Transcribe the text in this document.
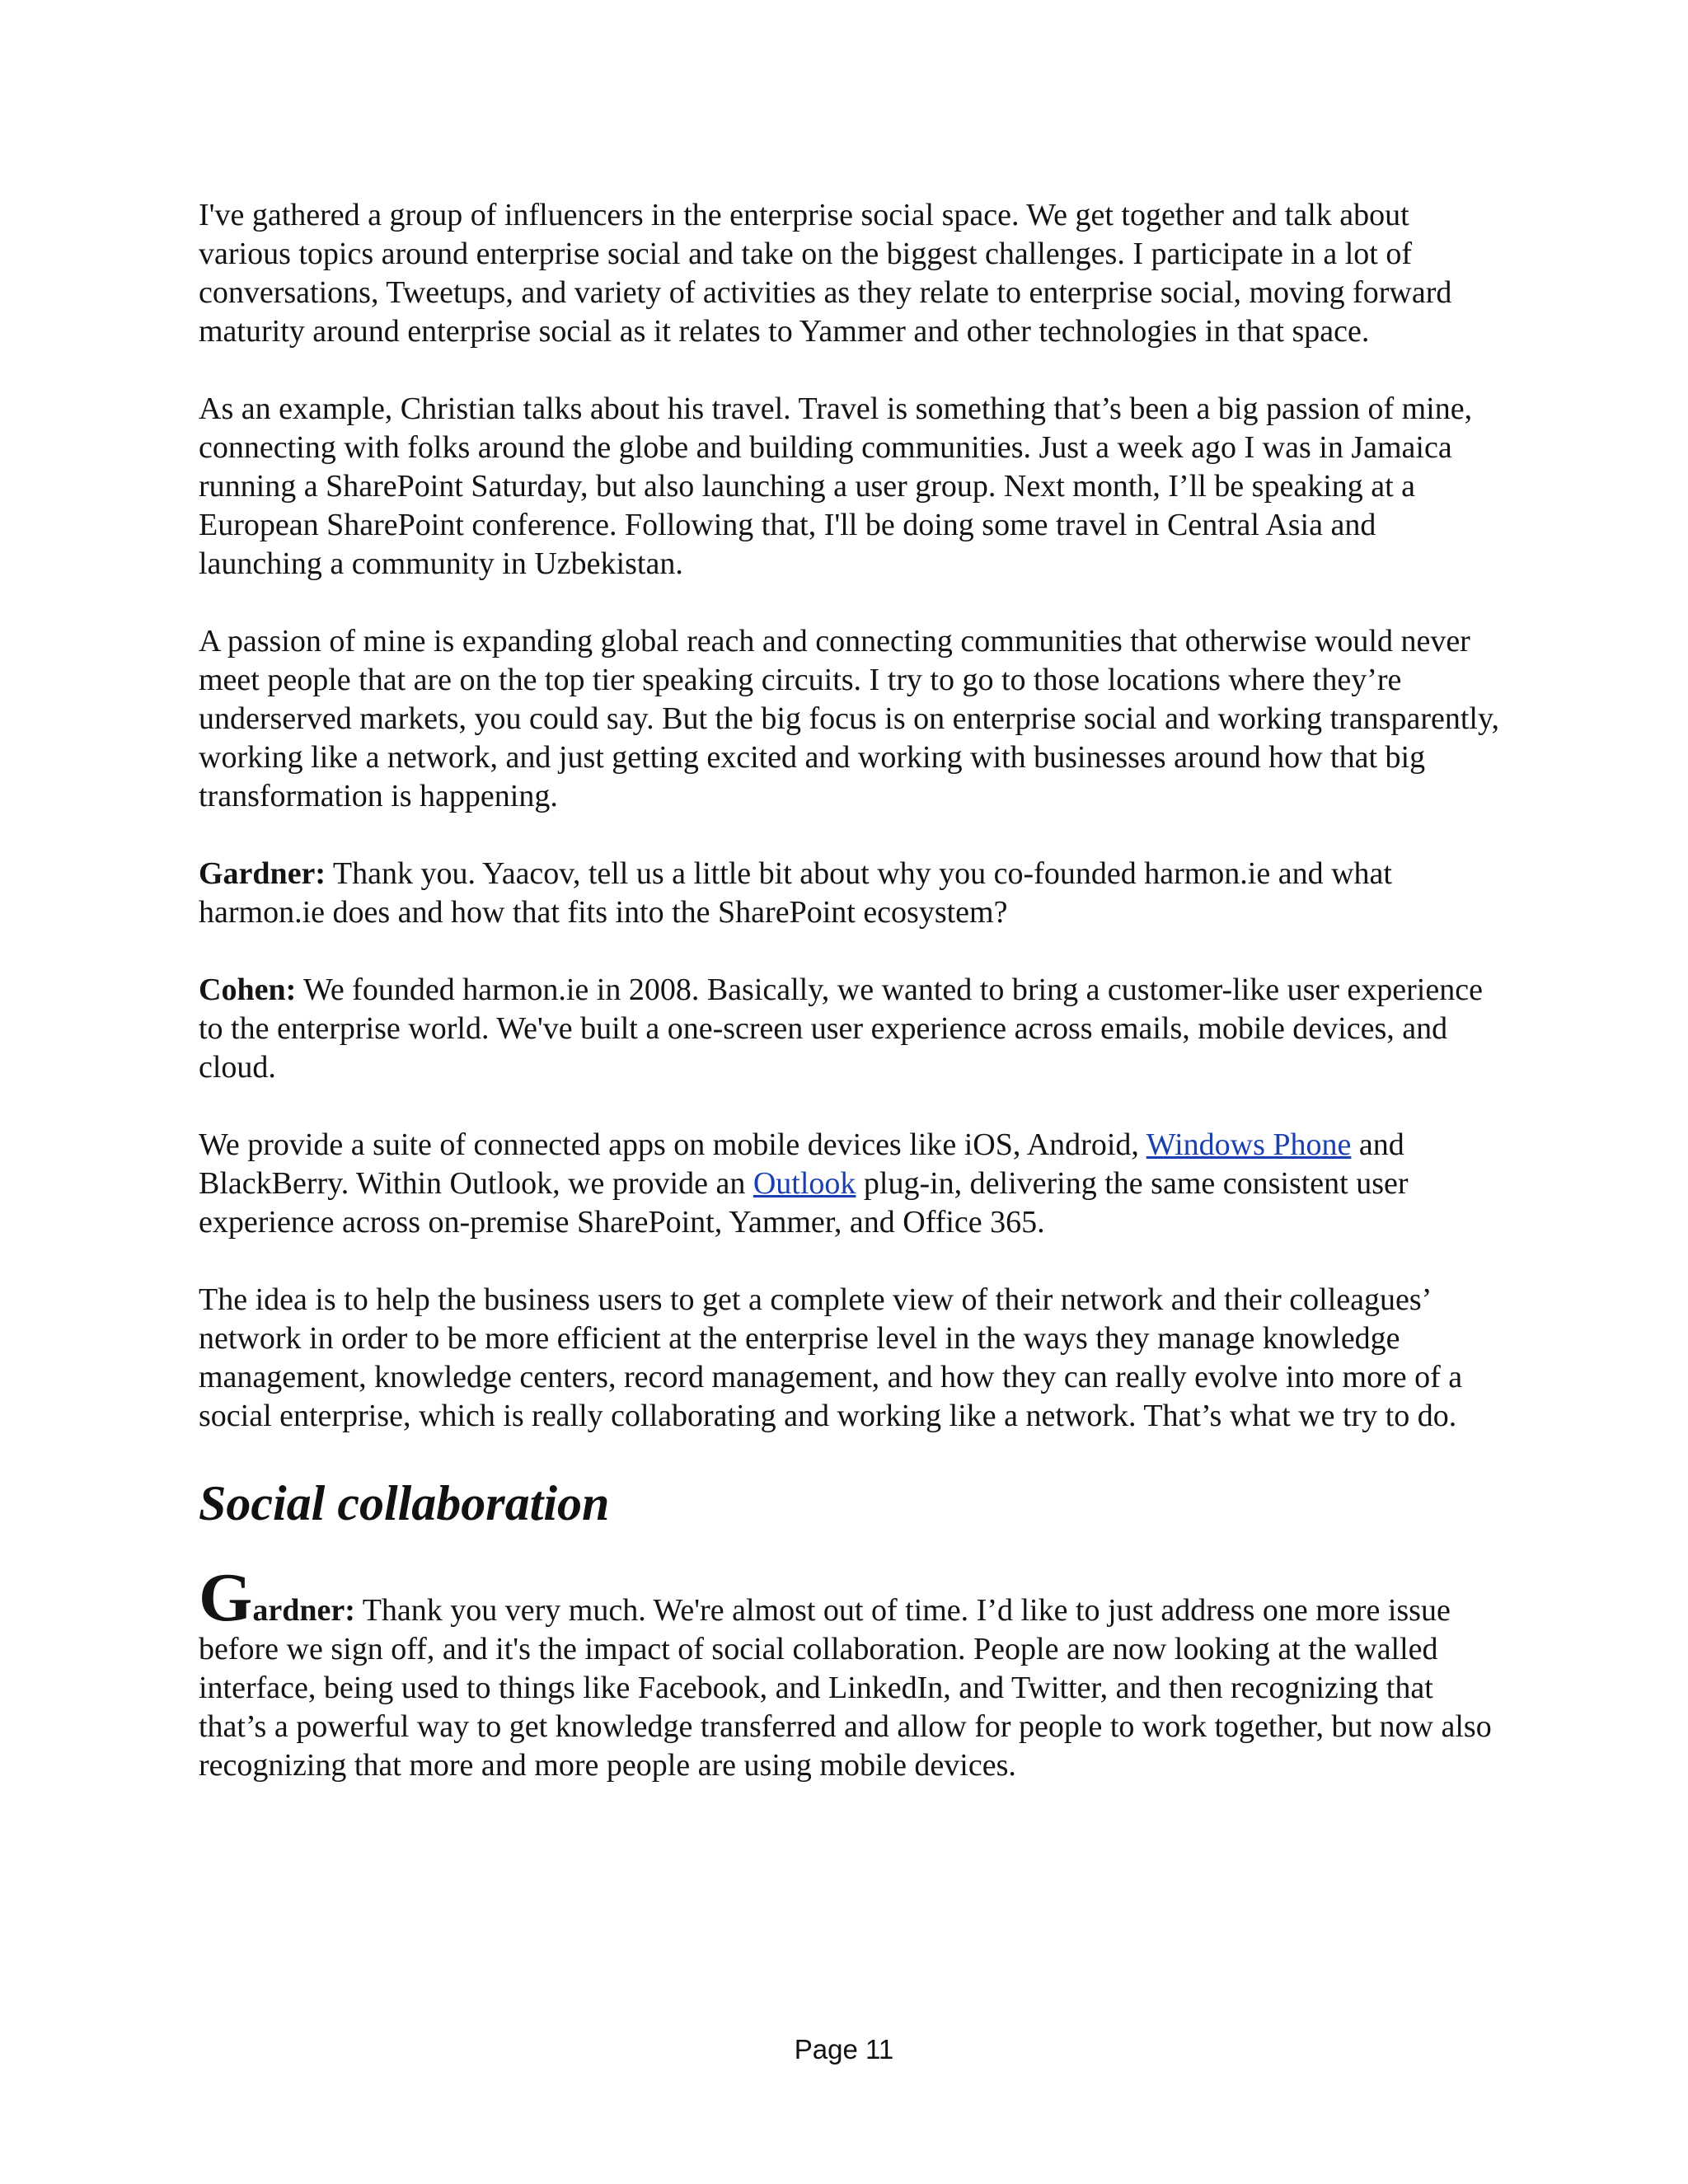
I've gathered a group of influencers in the enterprise social space. We get together and talk about various topics around enterprise social and take on the biggest challenges. I participate in a lot of conversations, Tweetups, and variety of activities as they relate to enterprise social, moving forward maturity around enterprise social as it relates to Yammer and other technologies in that space.

As an example, Christian talks about his travel. Travel is something that’s been a big passion of mine, connecting with folks around the globe and building communities. Just a week ago I was in Jamaica running a SharePoint Saturday, but also launching a user group. Next month, I’ll be speaking at a European SharePoint conference. Following that, I'll be doing some travel in Central Asia and launching a community in Uzbekistan.

A passion of mine is expanding global reach and connecting communities that otherwise would never meet people that are on the top tier speaking circuits. I try to go to those locations where they’re underserved markets, you could say. But the big focus is on enterprise social and working transparently, working like a network, and just getting excited and working with businesses around how that big transformation is happening.

Gardner: Thank you. Yaacov, tell us a little bit about why you co-founded harmon.ie and what harmon.ie does and how that fits into the SharePoint ecosystem?

Cohen: We founded harmon.ie in 2008. Basically, we wanted to bring a customer-like user experience to the enterprise world. We've built a one-screen user experience across emails, mobile devices, and cloud.

We provide a suite of connected apps on mobile devices like iOS, Android, Windows Phone and BlackBerry. Within Outlook, we provide an Outlook plug-in, delivering the same consistent user experience across on-premise SharePoint, Yammer, and Office 365.

The idea is to help the business users to get a complete view of their network and their colleagues’ network in order to be more efficient at the enterprise level in the ways they manage knowledge management, knowledge centers, record management, and how they can really evolve into more of a social enterprise, which is really collaborating and working like a network. That’s what we try to do.

Social collaboration

Gardner: Thank you very much. We're almost out of time. I’d like to just address one more issue before we sign off, and it's the impact of social collaboration. People are now looking at the walled interface, being used to things like Facebook, and LinkedIn, and Twitter, and then recognizing that that’s a powerful way to get knowledge transferred and allow for people to work together, but now also recognizing that more and more people are using mobile devices.

Page 11
